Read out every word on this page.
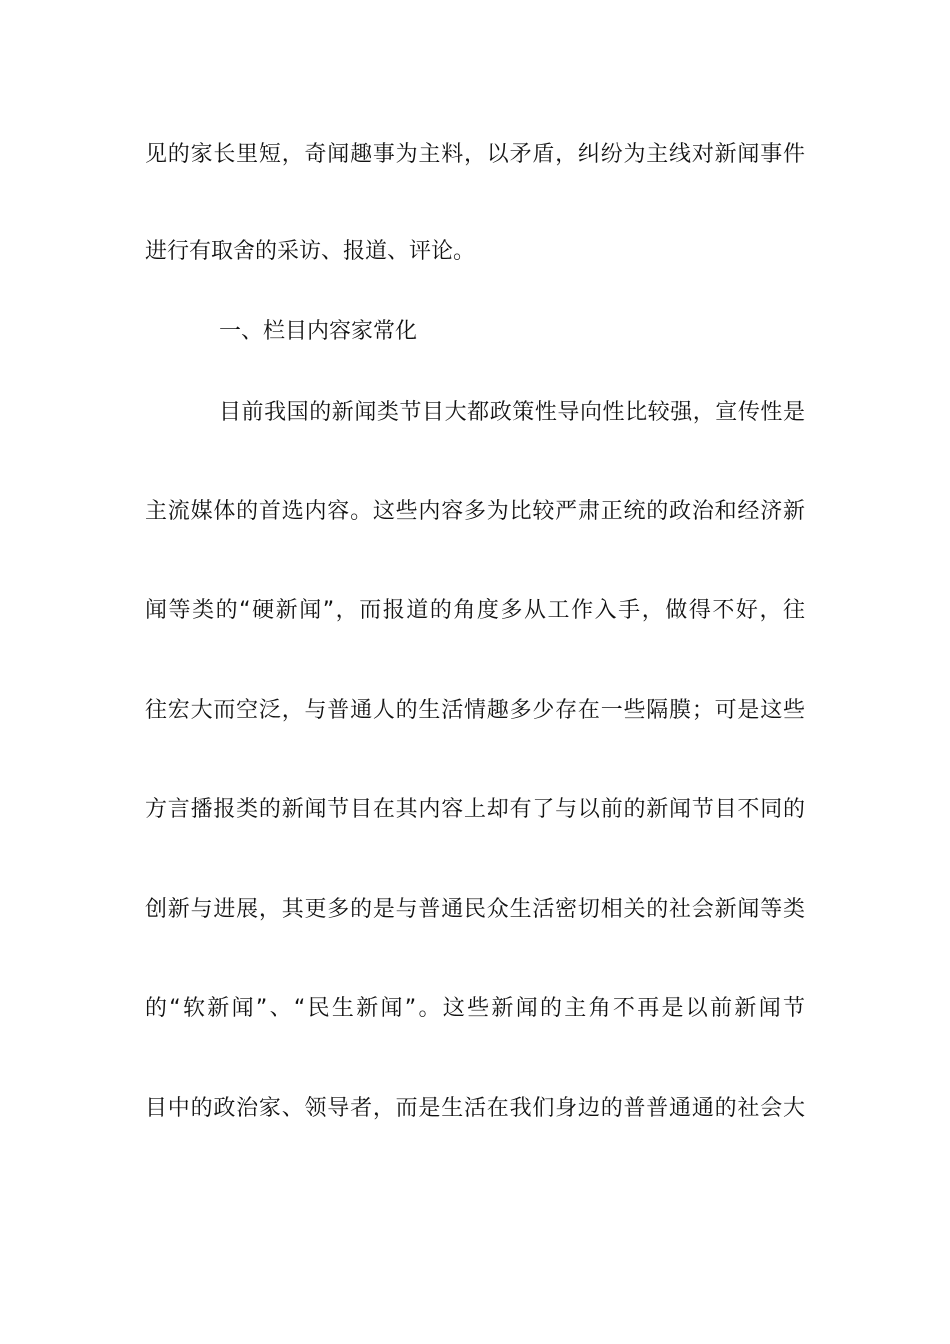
见的家长里短，奇闻趣事为主料，以矛盾，纠纷为主线对新闻事件
进行有取舍的采访、报道、评论。
一、栏目内容家常化
目前我国的新闻类节目大都政策性导向性比较强，宣传性是
主流媒体的首选内容。这些内容多为比较严肃正统的政治和经济新
闻等类的“硬新闻”，而报道的角度多从工作入手，做得不好，往
往宏大而空泛，与普通人的生活情趣多少存在一些隔膜；可是这些
方言播报类的新闻节目在其内容上却有了与以前的新闻节目不同的
创新与进展，其更多的是与普通民众生活密切相关的社会新闻等类
的“软新闻”、“民生新闻”。这些新闻的主角不再是以前新闻节
目中的政治家、领导者，而是生活在我们身边的普普通通的社会大
